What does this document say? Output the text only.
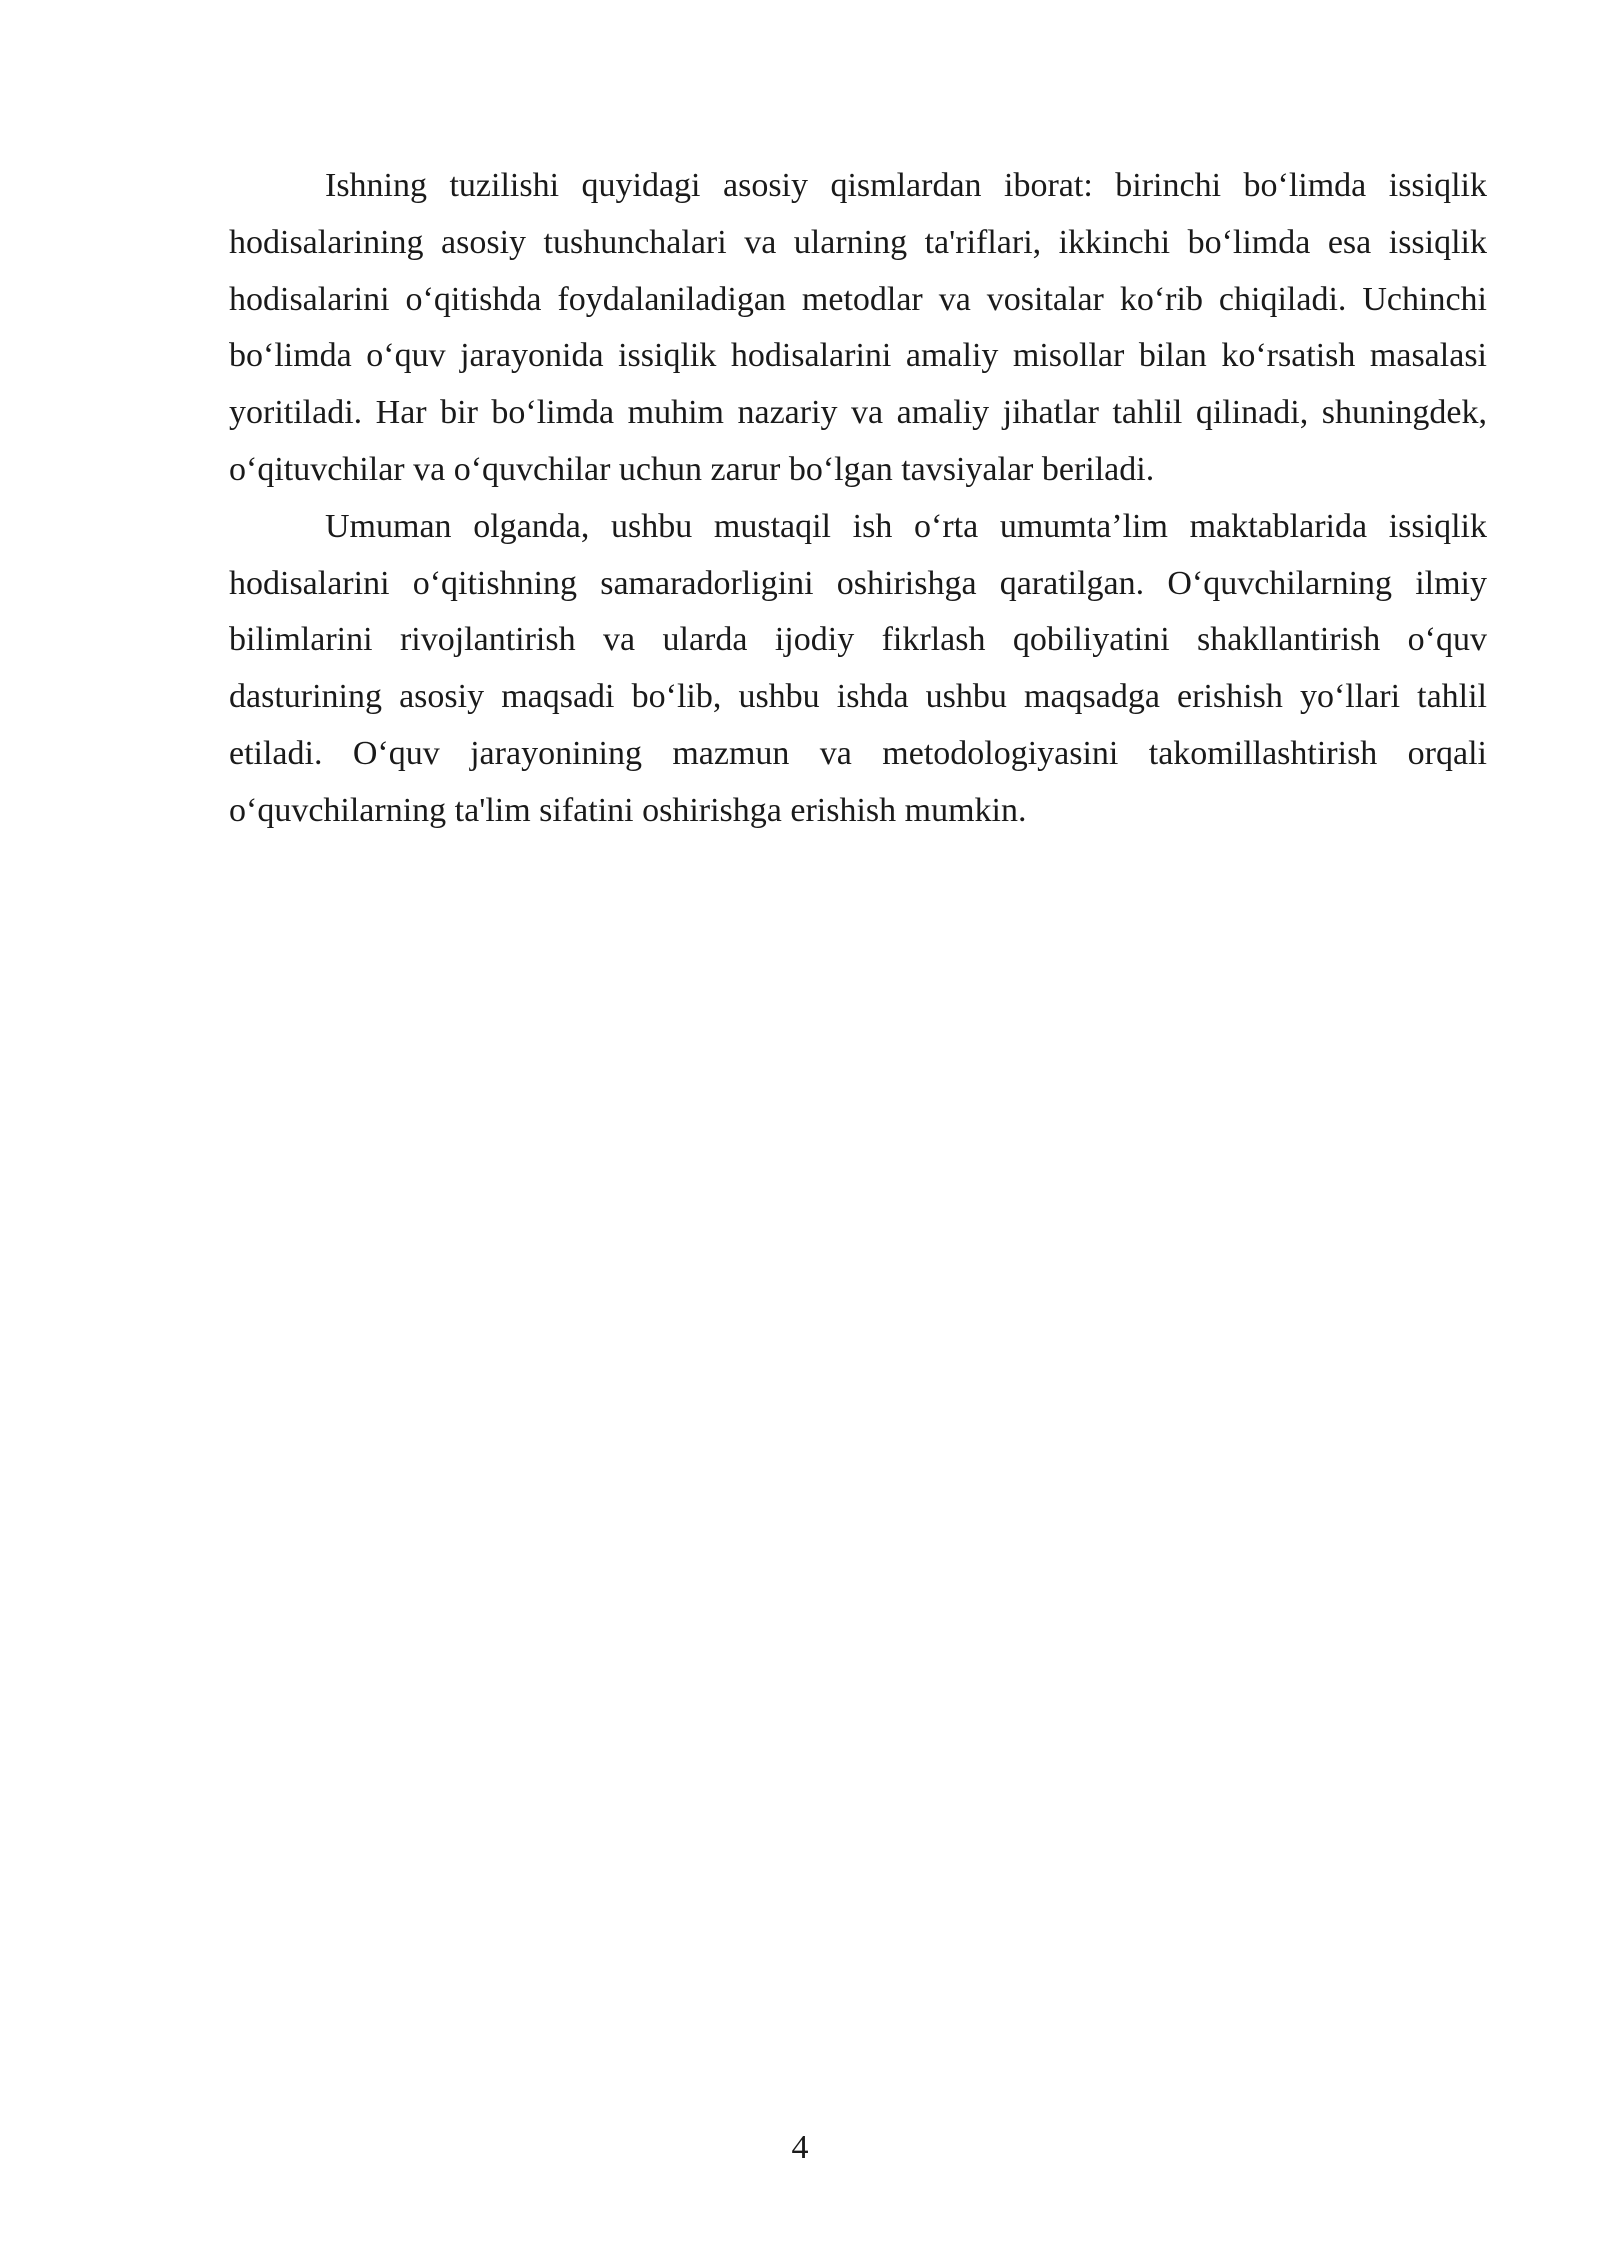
Ishning tuzilishi quyidagi asosiy qismlardan iborat: birinchi bo‘limda issiqlik hodisalarining asosiy tushunchalari va ularning ta'riflari, ikkinchi bo‘limda esa issiqlik hodisalarini o‘qitishda foydalaniladigan metodlar va vositalar ko‘rib chiqiladi. Uchinchi bo‘limda o‘quv jarayonida issiqlik hodisalarini amaliy misollar bilan ko‘rsatish masalasi yoritiladi. Har bir bo‘limda muhim nazariy va amaliy jihatlar tahlil qilinadi, shuningdek, o‘qituvchilar va o‘quvchilar uchun zarur bo‘lgan tavsiyalar beriladi.

Umuman olganda, ushbu mustaqil ish o‘rta umumta’lim maktablarida issiqlik hodisalarini o‘qitishning samaradorligini oshirishga qaratilgan. O‘quvchilarning ilmiy bilimlarini rivojlantirish va ularda ijodiy fikrlash qobiliyatini shakllantirish o‘quv dasturining asosiy maqsadi bo‘lib, ushbu ishda ushbu maqsadga erishish yo‘llari tahlil etiladi. O‘quv jarayonining mazmun va metodologiyasini takomillashtirish orqali o‘quvchilarning ta'lim sifatini oshirishga erishish mumkin.

4
